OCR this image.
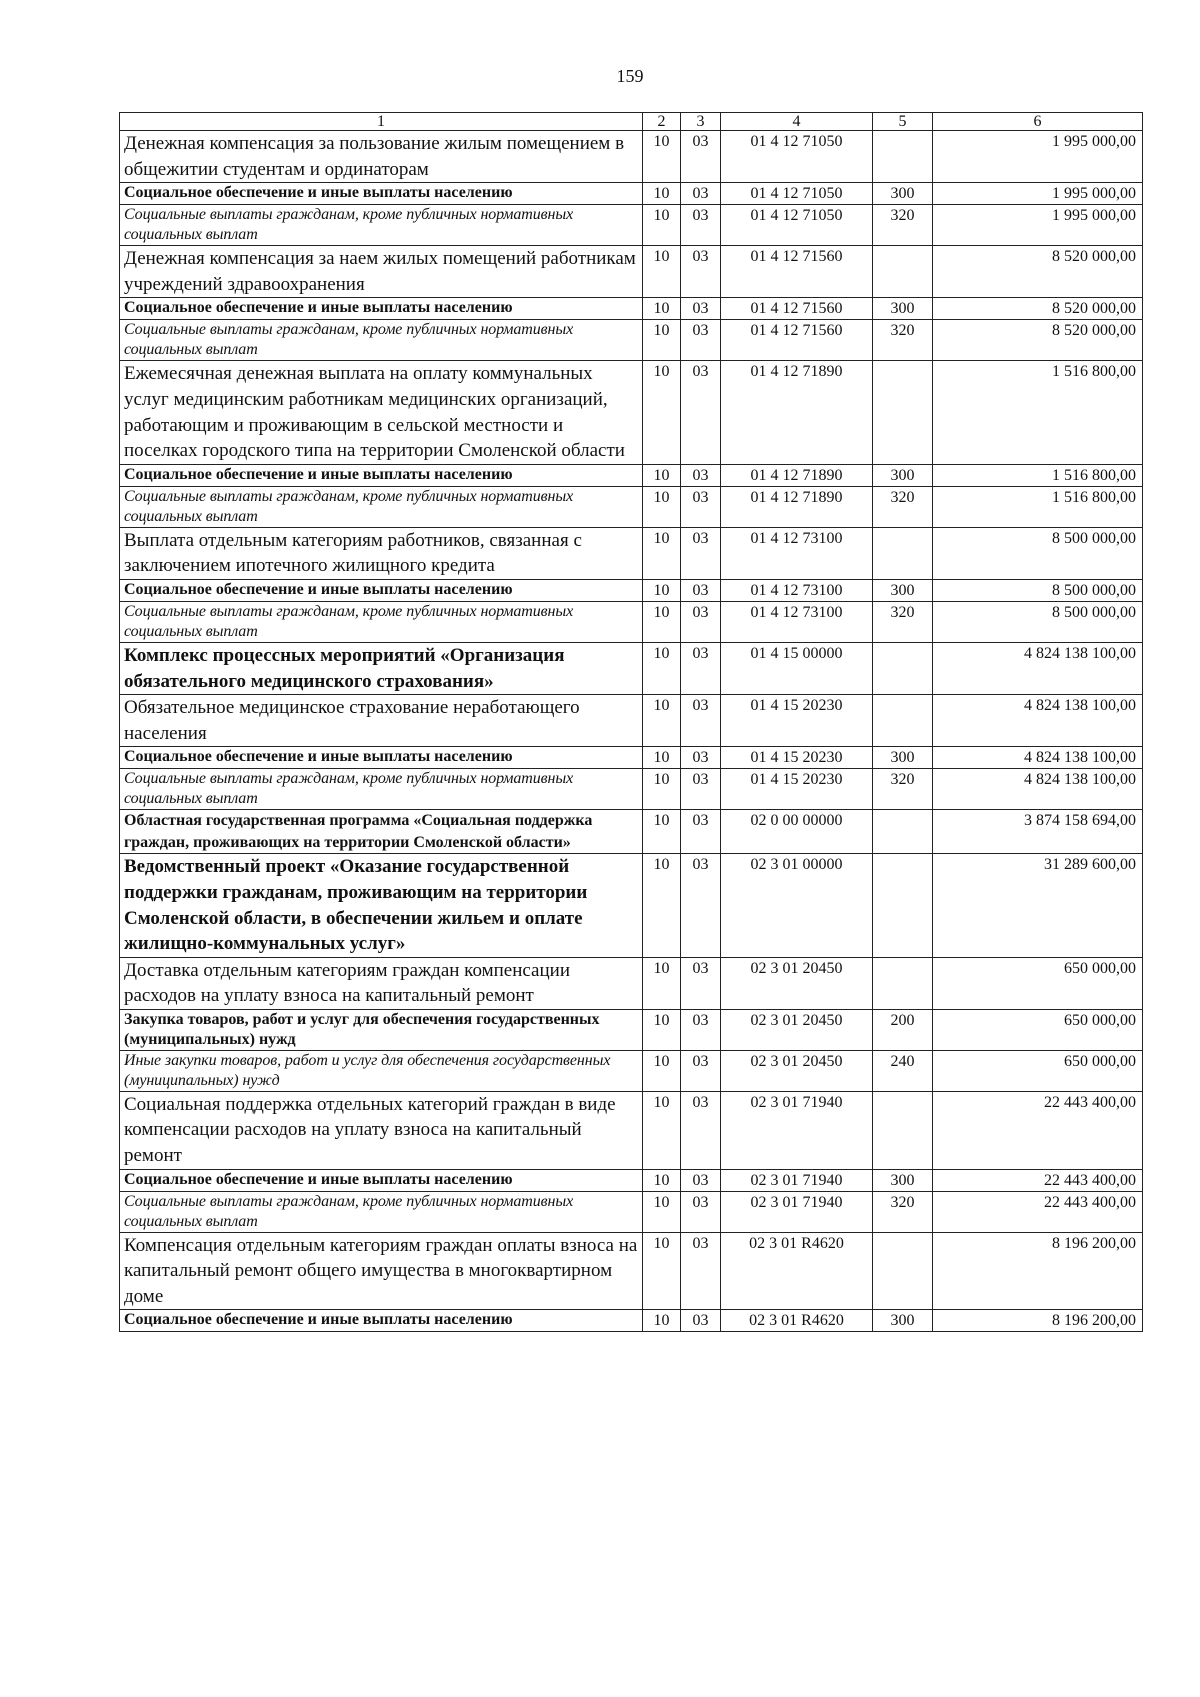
159
1	2	3	4	5	6
Денежная компенсация за пользование жилым помещением в общежитии студентам и ординаторам	10	03	01 4 12 71050		1 995 000,00
Социальное обеспечение и иные выплаты населению	10	03	01 4 12 71050	300	1 995 000,00
Социальные выплаты гражданам, кроме публичных нормативных социальных выплат	10	03	01 4 12 71050	320	1 995 000,00
Денежная компенсация за наем жилых помещений работникам учреждений здравоохранения	10	03	01 4 12 71560		8 520 000,00
Социальное обеспечение и иные выплаты населению	10	03	01 4 12 71560	300	8 520 000,00
Социальные выплаты гражданам, кроме публичных нормативных социальных выплат	10	03	01 4 12 71560	320	8 520 000,00
Ежемесячная денежная выплата на оплату коммунальных услуг медицинским работникам медицинских организаций, работающим и проживающим в сельской местности и поселках городского типа на территории Смоленской области	10	03	01 4 12 71890		1 516 800,00
Социальное обеспечение и иные выплаты населению	10	03	01 4 12 71890	300	1 516 800,00
Социальные выплаты гражданам, кроме публичных нормативных социальных выплат	10	03	01 4 12 71890	320	1 516 800,00
Выплата отдельным категориям работников, связанная с заключением ипотечного жилищного кредита	10	03	01 4 12 73100		8 500 000,00
Социальное обеспечение и иные выплаты населению	10	03	01 4 12 73100	300	8 500 000,00
Социальные выплаты гражданам, кроме публичных нормативных социальных выплат	10	03	01 4 12 73100	320	8 500 000,00
Комплекс процессных мероприятий «Организация обязательного медицинского страхования»	10	03	01 4 15 00000		4 824 138 100,00
Обязательное медицинское страхование неработающего населения	10	03	01 4 15 20230		4 824 138 100,00
Социальное обеспечение и иные выплаты населению	10	03	01 4 15 20230	300	4 824 138 100,00
Социальные выплаты гражданам, кроме публичных нормативных социальных выплат	10	03	01 4 15 20230	320	4 824 138 100,00
Областная государственная программа «Социальная поддержка граждан, проживающих на территории Смоленской области»	10	03	02 0 00 00000		3 874 158 694,00
Ведомственный проект «Оказание государственной поддержки гражданам, проживающим на территории Смоленской области, в обеспечении жильем и оплате жилищно-коммунальных услуг»	10	03	02 3 01 00000		31 289 600,00
Доставка отдельным категориям граждан компенсации расходов на уплату взноса на капитальный ремонт	10	03	02 3 01 20450		650 000,00
Закупка товаров, работ и услуг для обеспечения государственных (муниципальных) нужд	10	03	02 3 01 20450	200	650 000,00
Иные закупки товаров, работ и услуг для обеспечения государственных (муниципальных) нужд	10	03	02 3 01 20450	240	650 000,00
Социальная поддержка отдельных категорий граждан в виде компенсации расходов на уплату взноса на капитальный ремонт	10	03	02 3 01 71940		22 443 400,00
Социальное обеспечение и иные выплаты населению	10	03	02 3 01 71940	300	22 443 400,00
Социальные выплаты гражданам, кроме публичных нормативных социальных выплат	10	03	02 3 01 71940	320	22 443 400,00
Компенсация отдельным категориям граждан оплаты взноса на капитальный ремонт общего имущества в многоквартирном доме	10	03	02 3 01 R4620		8 196 200,00
Социальное обеспечение и иные выплаты населению	10	03	02 3 01 R4620	300	8 196 200,00
